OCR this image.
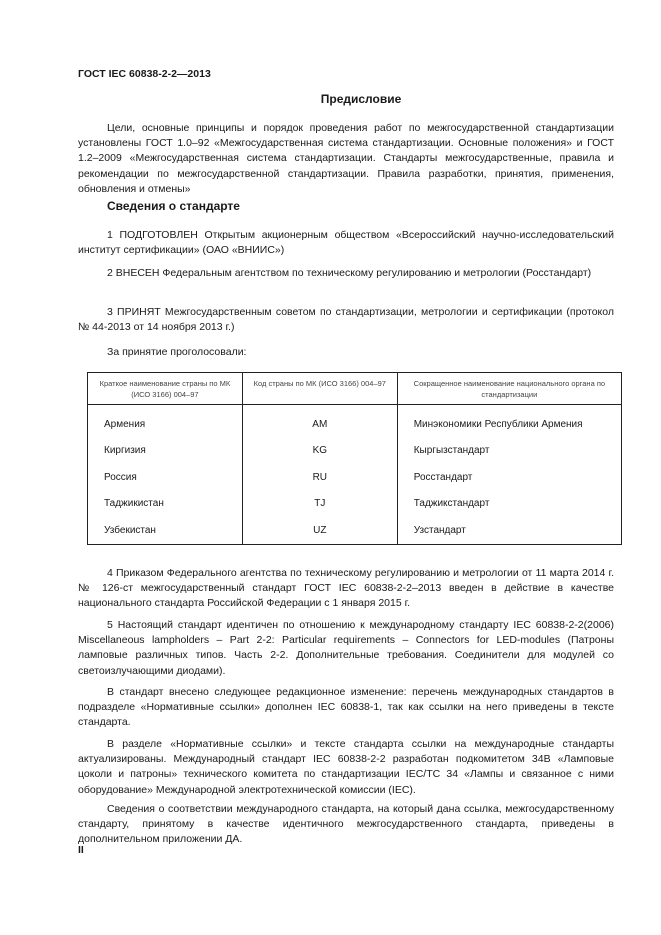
ГОСТ IEC 60838-2-2—2013
Предисловие

Цели, основные принципы и порядок проведения работ по межгосударственной стандартизации установлены ГОСТ 1.0–92 «Межгосударственная система стандартизации. Основные положения» и ГОСТ 1.2–2009 «Межгосударственная система стандартизации. Стандарты межгосударственные, правила и рекомендации по межгосударственной стандартизации. Правила разработки, принятия, применения, обновления и отмены»

Сведения о стандарте

1 ПОДГОТОВЛЕН Открытым акционерным обществом «Всероссийский научно-исследовательский институт сертификации» (ОАО «ВНИИС»)

2 ВНЕСЕН Федеральным агентством по техническому регулированию и метрологии (Росстандарт)

3 ПРИНЯТ Межгосударственным советом по стандартизации, метрологии и сертификации (протокол № 44-2013 от 14 ноября 2013 г.)

За принятие проголосовали:

Краткое наименование страны по МК (ИСО 3166) 004–97	Код страны по МК (ИСО 3166) 004–97	Сокращенное наименование национального органа по стандартизации
Армения	AM	Минэкономики Республики Армения
Киргизия	KG	Кыргызстандарт
Россия	RU	Росстандарт
Таджикистан	TJ	Таджикстандарт
Узбекистан	UZ	Узстандарт

4 Приказом Федерального агентства по техническому регулированию и метрологии от 11 марта 2014 г. № 126-ст межгосударственный стандарт ГОСТ IEC 60838-2-2–2013 введен в действие в качестве национального стандарта Российской Федерации с 1 января 2015 г.

5 Настоящий стандарт идентичен по отношению к международному стандарту IEC 60838-2-2(2006) Miscellaneous lampholders – Part 2-2: Particular requirements – Connectors for LED-modules (Патроны ламповые различных типов. Часть 2-2. Дополнительные требования. Соединители для модулей со светоизлучающими диодами).

В стандарт внесено следующее редакционное изменение: перечень международных стандартов в подразделе «Нормативные ссылки» дополнен IEC 60838-1, так как ссылки на него приведены в тексте стандарта.

В разделе «Нормативные ссылки» и тексте стандарта ссылки на международные стандарты актуализированы. Международный стандарт IEC 60838-2-2 разработан подкомитетом 34В «Ламповые цоколи и патроны» технического комитета по стандартизации IEC/TC 34 «Лампы и связанное с ними оборудование» Международной электротехнической комиссии (IEC).

Сведения о соответствии международного стандарта, на который дана ссылка, межгосударственному стандарту, принятому в качестве идентичного межгосударственного стандарта, приведены в дополнительном приложении ДА.

II
